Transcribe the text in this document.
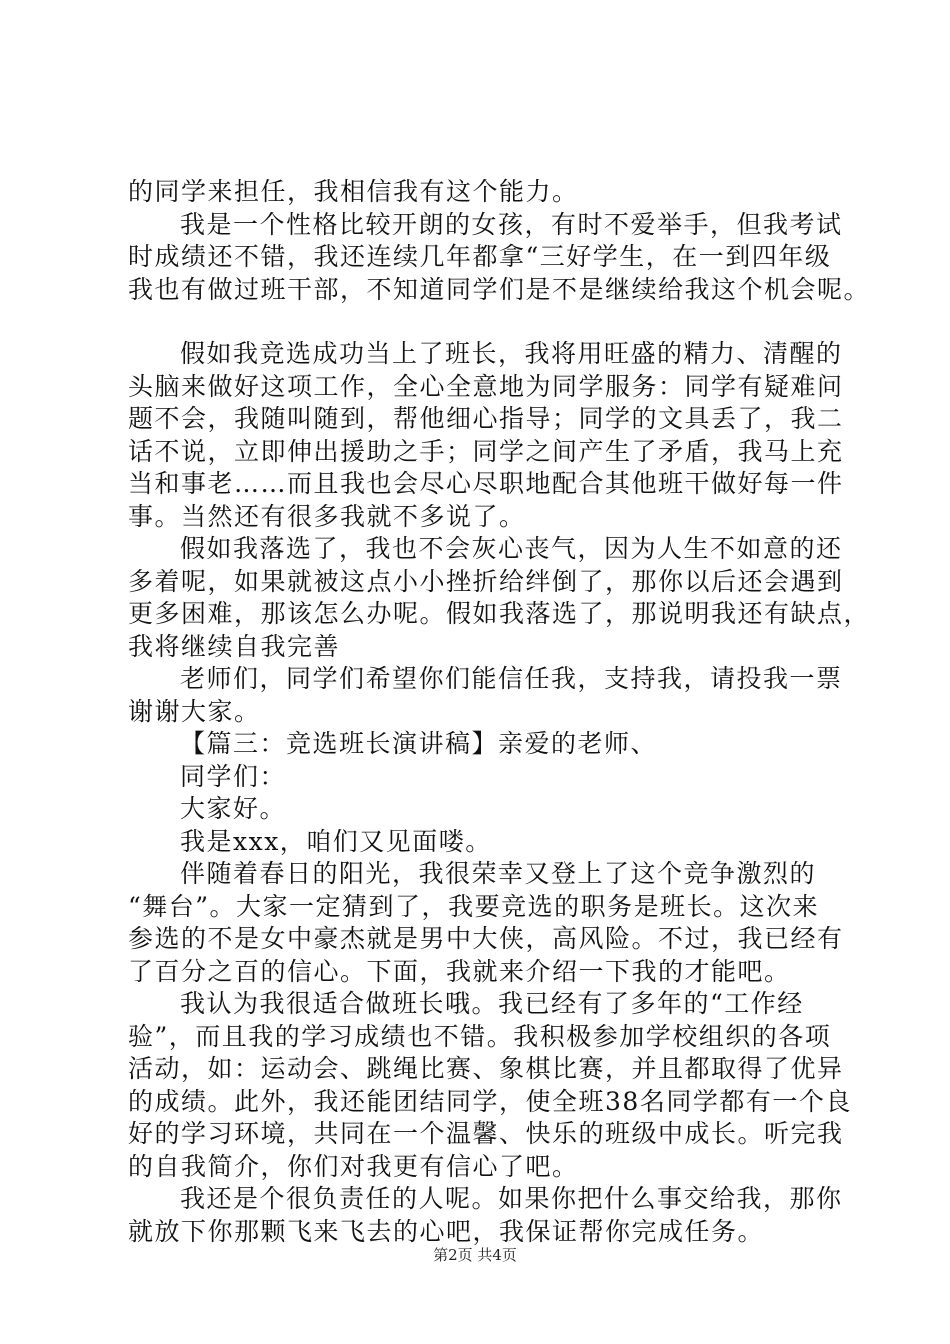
的同学来担任，我相信我有这个能力。
我是一个性格比较开朗的女孩，有时不爱举手，但我考试
时成绩还不错，我还连续几年都拿“三好学生，在一到四年级
我也有做过班干部，不知道同学们是不是继续给我这个机会呢。
假如我竞选成功当上了班长，我将用旺盛的精力、清醒的
头脑来做好这项工作，全心全意地为同学服务：同学有疑难问
题不会，我随叫随到，帮他细心指导；同学的文具丢了，我二
话不说，立即伸出援助之手；同学之间产生了矛盾，我马上充
当和事老……而且我也会尽心尽职地配合其他班干做好每一件
事。当然还有很多我就不多说了。
假如我落选了，我也不会灰心丧气，因为人生不如意的还
多着呢，如果就被这点小小挫折给绊倒了，那你以后还会遇到
更多困难，那该怎么办呢。假如我落选了，那说明我还有缺点，
我将继续自我完善
老师们，同学们希望你们能信任我，支持我，请投我一票
谢谢大家。
【篇三：竞选班长演讲稿】亲爱的老师、
同学们：
大家好。
我是xxx，咱们又见面喽。
伴随着春日的阳光，我很荣幸又登上了这个竞争激烈的
“舞台”。大家一定猜到了，我要竞选的职务是班长。这次来
参选的不是女中豪杰就是男中大侠，高风险。不过，我已经有
了百分之百的信心。下面，我就来介绍一下我的才能吧。
我认为我很适合做班长哦。我已经有了多年的“工作经
验”，而且我的学习成绩也不错。我积极参加学校组织的各项
活动，如：运动会、跳绳比赛、象棋比赛，并且都取得了优异
的成绩。此外，我还能团结同学，使全班38名同学都有一个良
好的学习环境，共同在一个温馨、快乐的班级中成长。听完我
的自我简介，你们对我更有信心了吧。
我还是个很负责任的人呢。如果你把什么事交给我，那你
就放下你那颗飞来飞去的心吧，我保证帮你完成任务。
第2页 共4页
